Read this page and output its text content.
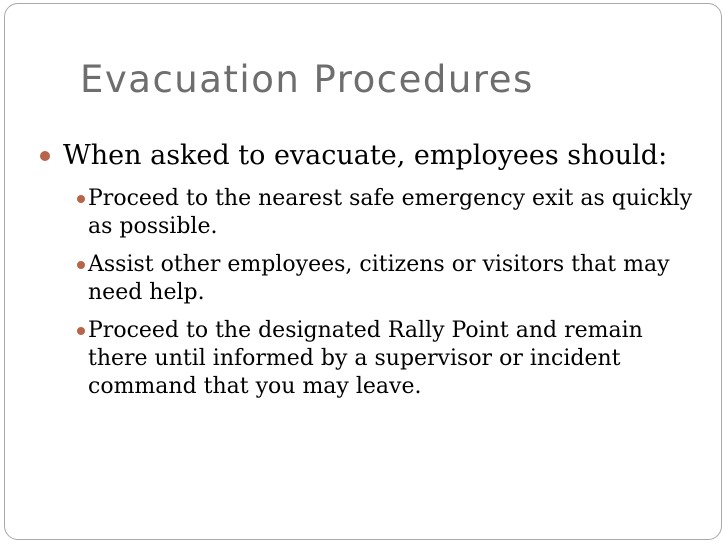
Evacuation Procedures
When asked to evacuate, employees should:
Proceed to the nearest safe emergency exit as quickly as possible.
Assist other employees, citizens or visitors that may need help.
Proceed to the designated Rally Point and remain there until informed by a supervisor or incident command that you may leave.
